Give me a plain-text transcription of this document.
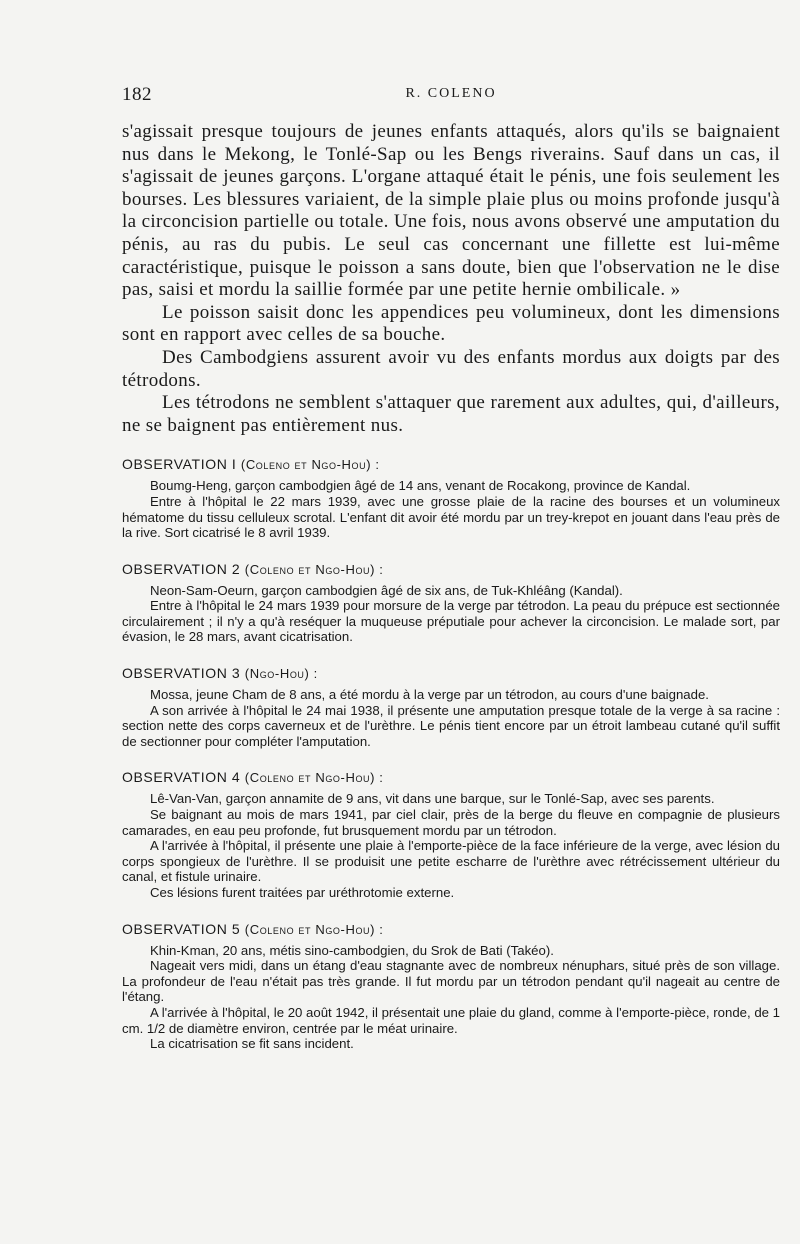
182	R. COLENO

s'agissait presque toujours de jeunes enfants attaqués, alors qu'ils se baignaient nus dans le Mekong, le Tonlé-Sap ou les Bengs riverains. Sauf dans un cas, il s'agissait de jeunes garçons. L'organe attaqué était le pénis, une fois seulement les bourses. Les blessures variaient, de la simple plaie plus ou moins profonde jusqu'à la circoncision partielle ou totale. Une fois, nous avons observé une amputation du pénis, au ras du pubis. Le seul cas concernant une fillette est lui-même caractéristique, puisque le poisson a sans doute, bien que l'observation ne le dise pas, saisi et mordu la saillie formée par une petite hernie ombilicale. »

Le poisson saisit donc les appendices peu volumineux, dont les dimensions sont en rapport avec celles de sa bouche.

Des Cambodgiens assurent avoir vu des enfants mordus aux doigts par des tétrodons.

Les tétrodons ne semblent s'attaquer que rarement aux adultes, qui, d'ailleurs, ne se baignent pas entièrement nus.

OBSERVATION I (Coleno et Ngo-Hou) :

Boumg-Heng, garçon cambodgien âgé de 14 ans, venant de Rocakong, province de Kandal.

Entre à l'hôpital le 22 mars 1939, avec une grosse plaie de la racine des bourses et un volumineux hématome du tissu celluleux scrotal. L'enfant dit avoir été mordu par un trey-krepot en jouant dans l'eau près de la rive. Sort cicatrisé le 8 avril 1939.

OBSERVATION 2 (Coleno et Ngo-Hou) :

Neon-Sam-Oeurn, garçon cambodgien âgé de six ans, de Tuk-Khléâng (Kandal).

Entre à l'hôpital le 24 mars 1939 pour morsure de la verge par tétrodon. La peau du prépuce est sectionnée circulairement ; il n'y a qu'à reséquer la muqueuse préputiale pour achever la circoncision. Le malade sort, par évasion, le 28 mars, avant cicatrisation.

OBSERVATION 3 (Ngo-Hou) :

Mossa, jeune Cham de 8 ans, a été mordu à la verge par un tétrodon, au cours d'une baignade.

A son arrivée à l'hôpital le 24 mai 1938, il présente une amputation presque totale de la verge à sa racine : section nette des corps caverneux et de l'urèthre. Le pénis tient encore par un étroit lambeau cutané qu'il suffit de sectionner pour compléter l'amputation.

OBSERVATION 4 (Coleno et Ngo-Hou) :

Lê-Van-Van, garçon annamite de 9 ans, vit dans une barque, sur le Tonlé-Sap, avec ses parents.

Se baignant au mois de mars 1941, par ciel clair, près de la berge du fleuve en compagnie de plusieurs camarades, en eau peu profonde, fut brusquement mordu par un tétrodon.

A l'arrivée à l'hôpital, il présente une plaie à l'emporte-pièce de la face inférieure de la verge, avec lésion du corps spongieux de l'urèthre. Il se produisit une petite escharre de l'urèthre avec rétrécissement ultérieur du canal, et fistule urinaire.

Ces lésions furent traitées par uréthrotomie externe.

OBSERVATION 5 (Coleno et Ngo-Hou) :

Khin-Kman, 20 ans, métis sino-cambodgien, du Srok de Bati (Takéo).

Nageait vers midi, dans un étang d'eau stagnante avec de nombreux nénuphars, situé près de son village. La profondeur de l'eau n'était pas très grande. Il fut mordu par un tétrodon pendant qu'il nageait au centre de l'étang.

A l'arrivée à l'hôpital, le 20 août 1942, il présentait une plaie du gland, comme à l'emporte-pièce, ronde, de 1 cm. 1/2 de diamètre environ, centrée par le méat urinaire.

La cicatrisation se fit sans incident.
